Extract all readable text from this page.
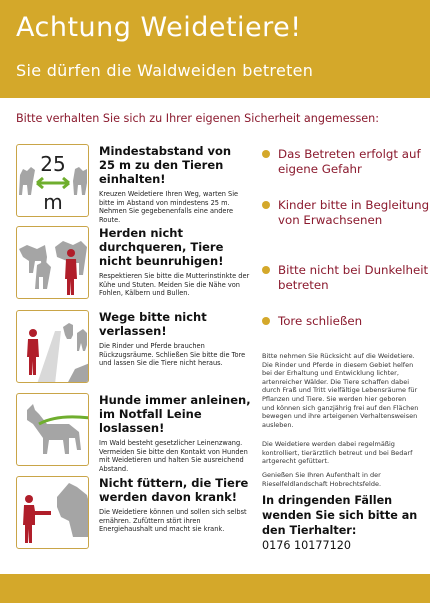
Achtung Weidetiere!
Sie dürfen die Waldweiden betreten
Bitte verhalten Sie sich zu Ihrer eigenen Sicherheit angemessen:
25
m
Mindestabstand von 25 m zu den Tieren einhalten!
Kreuzen Weidetiere Ihren Weg, warten Sie bitte im Abstand von mindestens 25 m. Nehmen Sie gegebenenfalls eine andere Route.
Herden nicht durchqueren, Tiere nicht beunruhigen!
Respektieren Sie bitte die Mutterinstinkte der Kühe und Stuten. Meiden Sie die Nähe von Fohlen, Kälbern und Bullen.
Wege bitte nicht verlassen!
Die Rinder und Pferde brauchen Rückzugsräume. Schließen Sie bitte die Tore und lassen Sie die Tiere nicht heraus.
Hunde immer anleinen, im Notfall Leine loslassen!
Im Wald besteht gesetzlicher Leinenzwang. Vermeiden Sie bitte den Kontakt von Hunden mit Weidetieren und halten Sie ausreichend Abstand.
Nicht füttern, die Tiere werden davon krank!
Die Weidetiere können und sollen sich selbst ernähren. Zufüttern stört ihren Energiehaushalt und macht sie krank.
Das Betreten erfolgt auf eigene Gefahr
Kinder bitte in Begleitung von Erwachsenen
Bitte nicht bei Dunkelheit betreten
Tore schließen
Bitte nehmen Sie Rücksicht auf die Weidetiere. Die Rinder und Pferde in diesem Gebiet helfen bei der Erhaltung und Entwicklung lichter, artenreicher Wälder. Die Tiere schaffen dabei durch Fraß und Tritt vielfältige Lebensräume für Pflanzen und Tiere. Sie werden hier geboren und können sich ganzjährig frei auf den Flächen bewegen und ihre arteigenen Verhaltensweisen ausleben.
Die Weidetiere werden dabei regelmäßig kontrolliert, tierärztlich betreut und bei Bedarf artgerecht gefüttert.
Genießen Sie Ihren Aufenthalt in der Rieselfeldlandschaft Hobrechtsfelde.
In dringenden Fällen wenden Sie sich bitte an den Tierhalter:
0176 10177120
